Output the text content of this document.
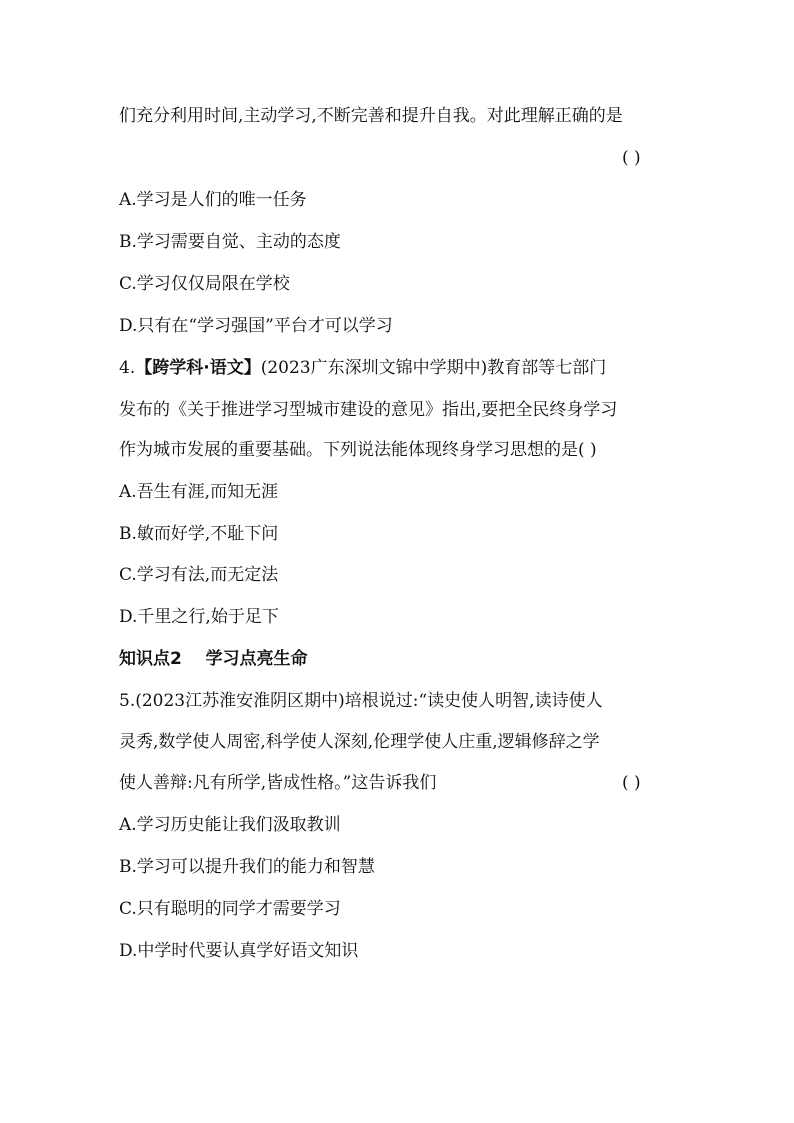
们充分利用时间,主动学习,不断完善和提升自我。对此理解正确的是
( )
A.学习是人们的唯一任务
B.学习需要自觉、主动的态度
C.学习仅仅局限在学校
D.只有在“学习强国”平台才可以学习
4.【跨学科·语文】(2023广东深圳文锦中学期中)教育部等七部门
发布的《关于推进学习型城市建设的意见》指出,要把全民终身学习
作为城市发展的重要基础。下列说法能体现终身学习思想的是( )
A.吾生有涯,而知无涯
B.敏而好学,不耻下问
C.学习有法,而无定法
D.千里之行,始于足下
知识点2    学习点亮生命
5.(2023江苏淮安淮阴区期中)培根说过:“读史使人明智,读诗使人
灵秀,数学使人周密,科学使人深刻,伦理学使人庄重,逻辑修辞之学
使人善辩:凡有所学,皆成性格。”这告诉我们	( )
A.学习历史能让我们汲取教训
B.学习可以提升我们的能力和智慧
C.只有聪明的同学才需要学习
D.中学时代要认真学好语文知识
